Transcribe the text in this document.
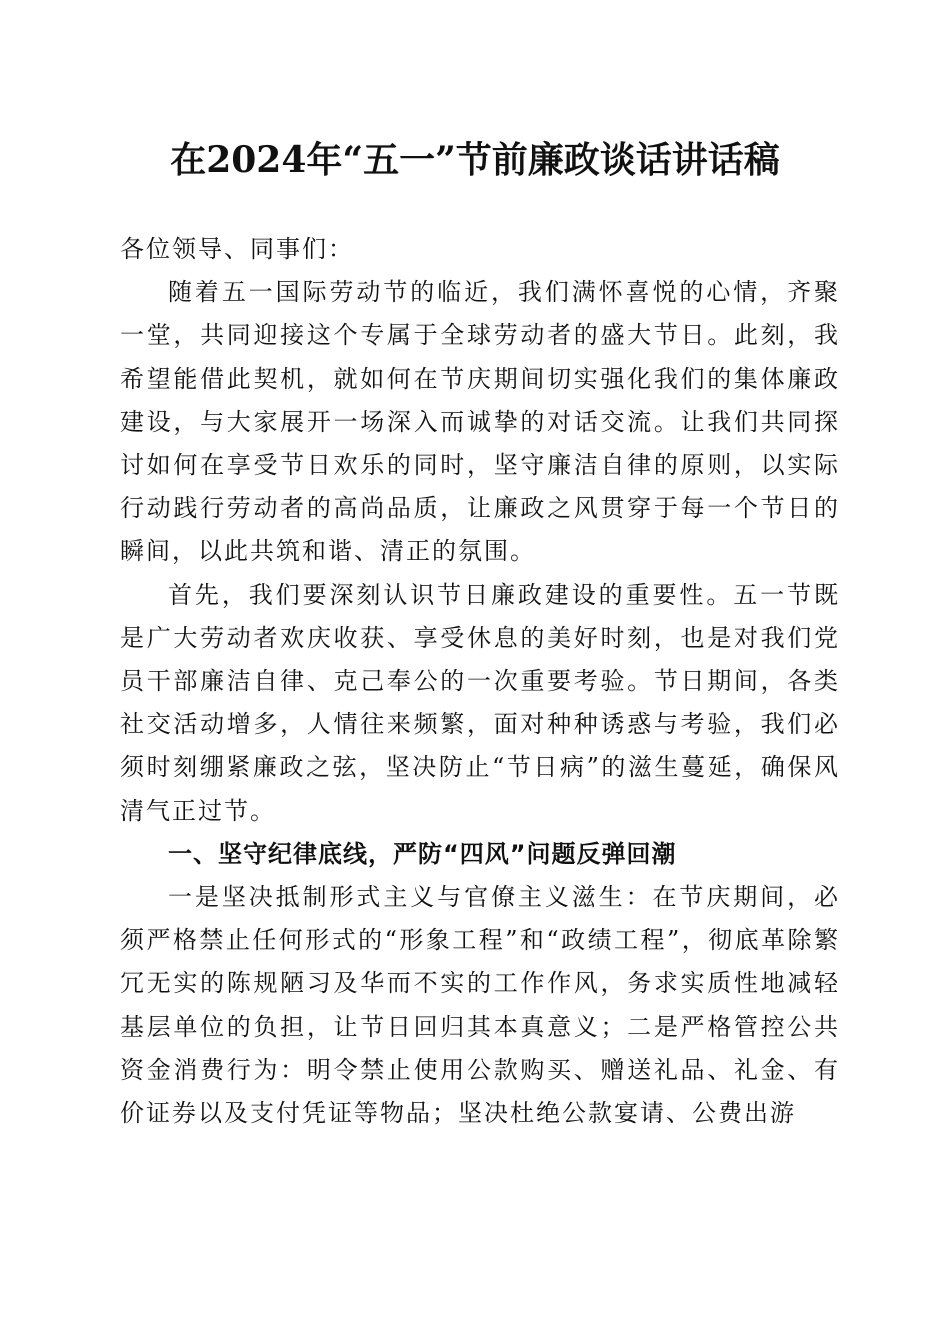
在2024年“五一”节前廉政谈话讲话稿

各位领导、同事们：

随着五一国际劳动节的临近，我们满怀喜悦的心情，齐聚一堂，共同迎接这个专属于全球劳动者的盛大节日。此刻，我希望能借此契机，就如何在节庆期间切实强化我们的集体廉政建设，与大家展开一场深入而诚挚的对话交流。让我们共同探讨如何在享受节日欢乐的同时，坚守廉洁自律的原则，以实际行动践行劳动者的高尚品质，让廉政之风贯穿于每一个节日的瞬间，以此共筑和谐、清正的氛围。

首先，我们要深刻认识节日廉政建设的重要性。五一节既是广大劳动者欢庆收获、享受休息的美好时刻，也是对我们党员干部廉洁自律、克己奉公的一次重要考验。节日期间，各类社交活动增多，人情往来频繁，面对种种诱惑与考验，我们必须时刻绷紧廉政之弦，坚决防止“节日病”的滋生蔓延，确保风清气正过节。

一、坚守纪律底线，严防“四风”问题反弹回潮

一是坚决抵制形式主义与官僚主义滋生：在节庆期间，必须严格禁止任何形式的“形象工程”和“政绩工程”，彻底革除繁冗无实的陈规陋习及华而不实的工作作风，务求实质性地减轻基层单位的负担，让节日回归其本真意义；二是严格管控公共资金消费行为：明令禁止使用公款购买、赠送礼品、礼金、有价证券以及支付凭证等物品；坚决杜绝公款宴请、公费出游
